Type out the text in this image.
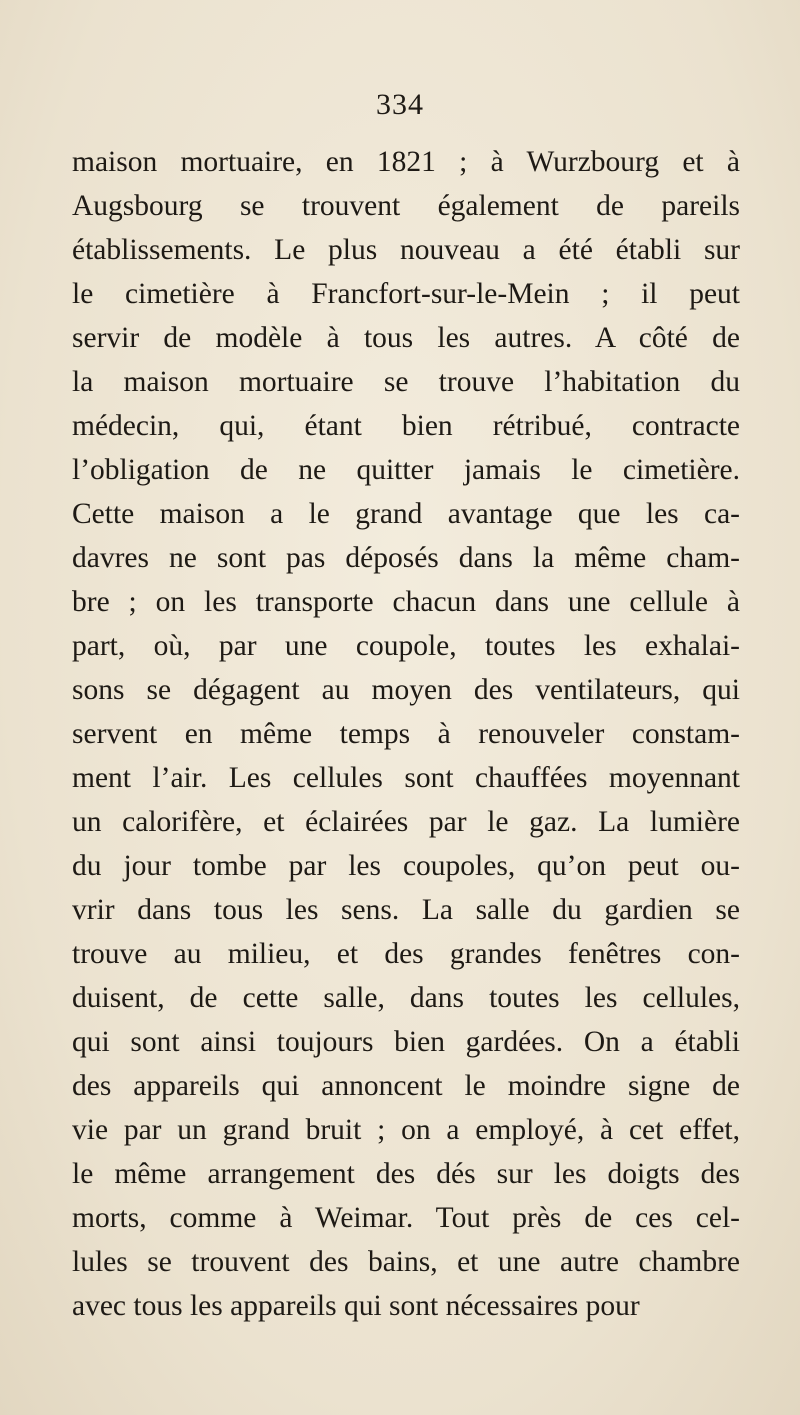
334
maison mortuaire, en 1821 ; à Wurzbourg et à
Augsbourg se trouvent également de pareils
établissements. Le plus nouveau a été établi sur
le cimetière à Francfort-sur-le-Mein ; il peut
servir de modèle à tous les autres. A côté de
la maison mortuaire se trouve l’habitation du
médecin, qui, étant bien rétribué, contracte
l’obligation de ne quitter jamais le cimetière.
Cette maison a le grand avantage que les ca-
davres ne sont pas déposés dans la même cham-
bre ; on les transporte chacun dans une cellule à
part, où, par une coupole, toutes les exhalai-
sons se dégagent au moyen des ventilateurs, qui
servent en même temps à renouveler constam-
ment l’air. Les cellules sont chauffées moyennant
un calorifère, et éclairées par le gaz. La lumière
du jour tombe par les coupoles, qu’on peut ou-
vrir dans tous les sens. La salle du gardien se
trouve au milieu, et des grandes fenêtres con-
duisent, de cette salle, dans toutes les cellules,
qui sont ainsi toujours bien gardées. On a établi
des appareils qui annoncent le moindre signe de
vie par un grand bruit ; on a employé, à cet effet,
le même arrangement des dés sur les doigts des
morts, comme à Weimar. Tout près de ces cel-
lules se trouvent des bains, et une autre chambre
avec tous les appareils qui sont nécessaires pour
